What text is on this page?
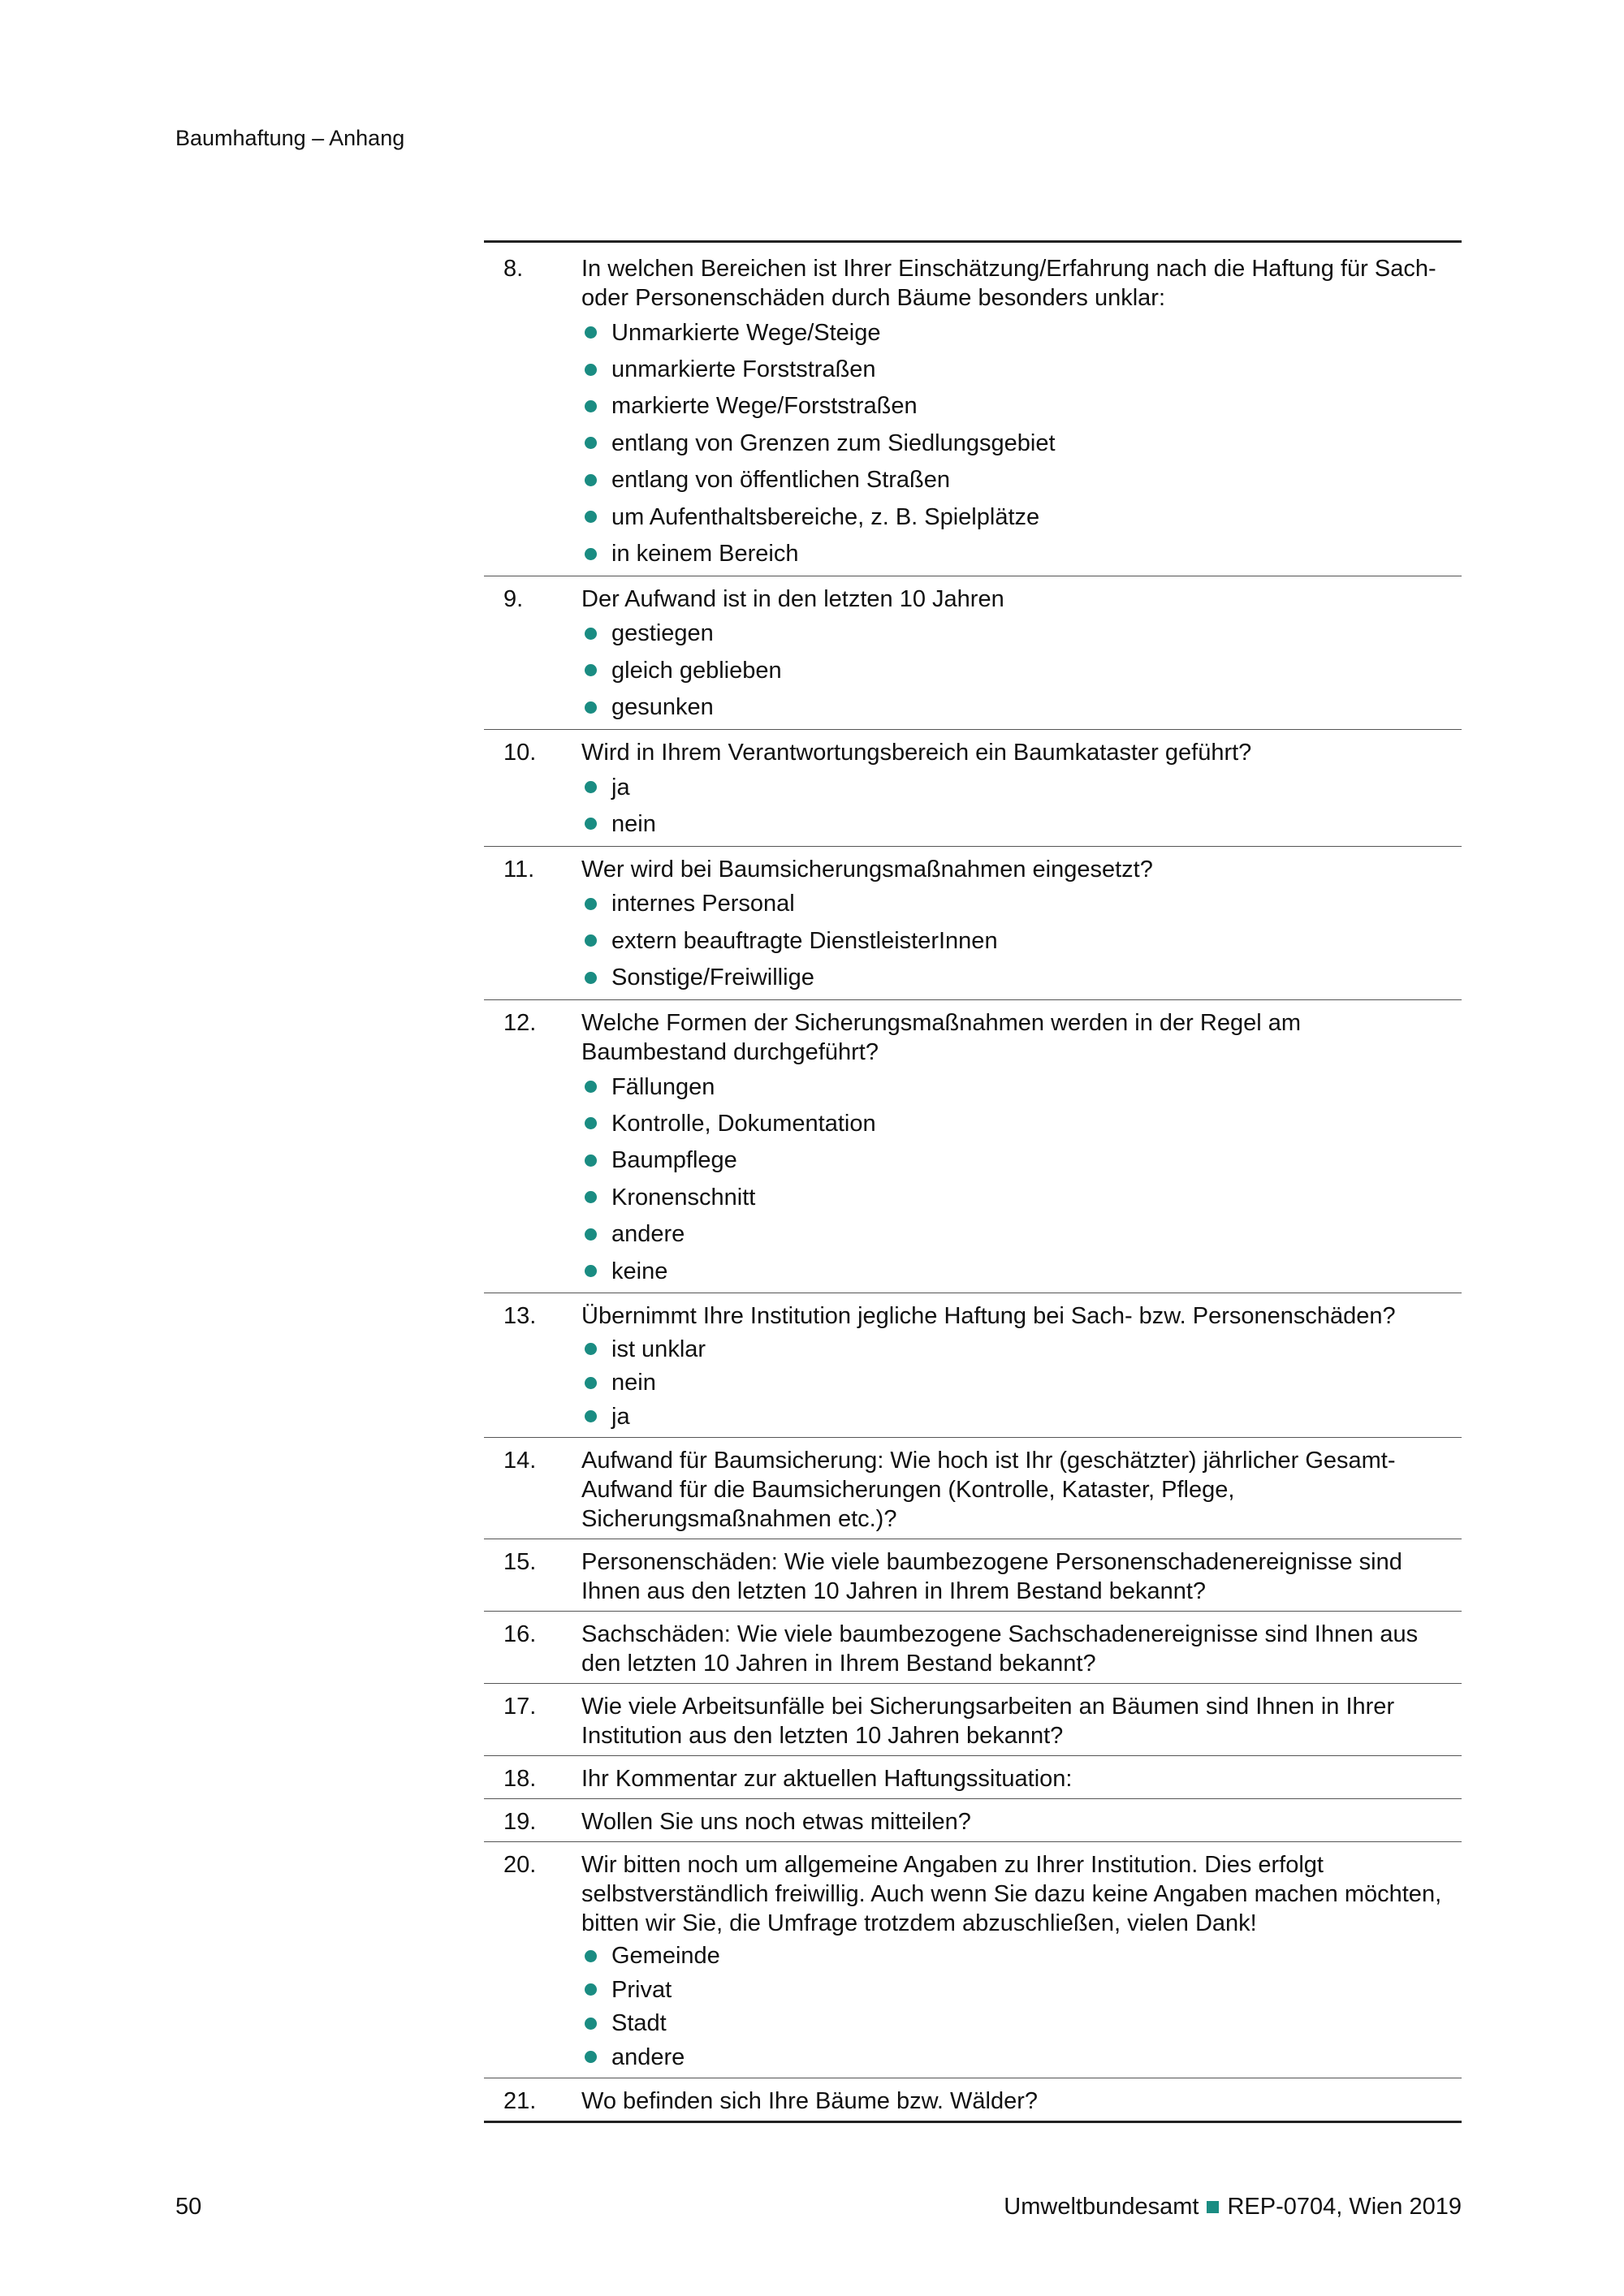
Baumhaftung – Anhang
8.	In welchen Bereichen ist Ihrer Einschätzung/Erfahrung nach die Haftung für Sach- oder Personenschäden durch Bäume besonders unklar:
Unmarkierte Wege/Steige
unmarkierte Forststraßen
markierte Wege/Forststraßen
entlang von Grenzen zum Siedlungsgebiet
entlang von öffentlichen Straßen
um Aufenthaltsbereiche, z. B. Spielplätze
in keinem Bereich
9.	Der Aufwand ist in den letzten 10 Jahren
gestiegen
gleich geblieben
gesunken
10.	Wird in Ihrem Verantwortungsbereich ein Baumkataster geführt?
ja
nein
11.	Wer wird bei Baumsicherungsmaßnahmen eingesetzt?
internes Personal
extern beauftragte DienstleisterInnen
Sonstige/Freiwillige
12.	Welche Formen der Sicherungsmaßnahmen werden in der Regel am Baumbestand durchgeführt?
Fällungen
Kontrolle, Dokumentation
Baumpflege
Kronenschnitt
andere
keine
13.	Übernimmt Ihre Institution jegliche Haftung bei Sach- bzw. Personenschäden?
ist unklar
nein
ja
14.	Aufwand für Baumsicherung: Wie hoch ist Ihr (geschätzter) jährlicher Gesamt-Aufwand für die Baumsicherungen (Kontrolle, Kataster, Pflege, Sicherungsmaßnahmen etc.)?
15.	Personenschäden: Wie viele baumbezogene Personenschadenereignisse sind Ihnen aus den letzten 10 Jahren in Ihrem Bestand bekannt?
16.	Sachschäden: Wie viele baumbezogene Sachschadenereignisse sind Ihnen aus den letzten 10 Jahren in Ihrem Bestand bekannt?
17.	Wie viele Arbeitsunfälle bei Sicherungsarbeiten an Bäumen sind Ihnen in Ihrer Institution aus den letzten 10 Jahren bekannt?
18.	Ihr Kommentar zur aktuellen Haftungssituation:
19.	Wollen Sie uns noch etwas mitteilen?
20.	Wir bitten noch um allgemeine Angaben zu Ihrer Institution. Dies erfolgt selbstverständlich freiwillig. Auch wenn Sie dazu keine Angaben machen möchten, bitten wir Sie, die Umfrage trotzdem abzuschließen, vielen Dank!
Gemeinde
Privat
Stadt
andere
21.	Wo befinden sich Ihre Bäume bzw. Wälder?
50	Umweltbundesamt REP-0704, Wien 2019
